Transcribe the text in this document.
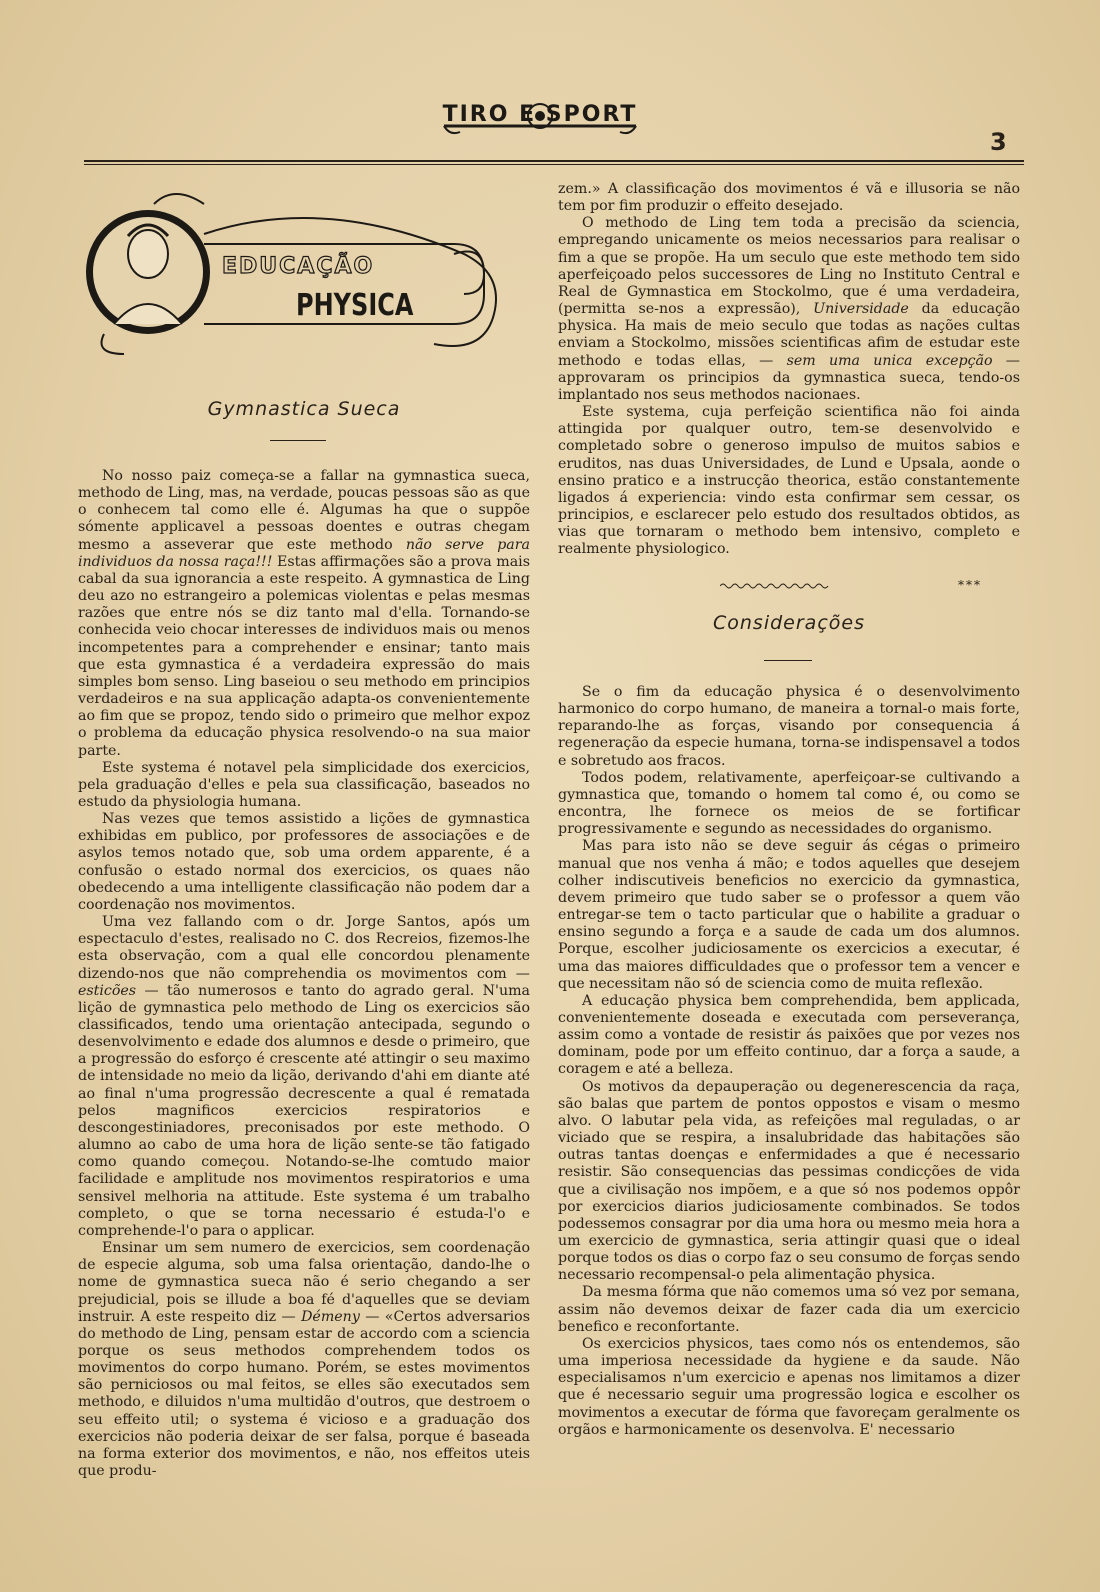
TIRO E SPORT
3
EDUCAÇÃO
PHYSICA
Gymnastica Sueca

No nosso paiz começa-se a fallar na gymnastica sueca, methodo de Ling, mas, na verdade, poucas pessoas são as que o conhecem tal como elle é. Algumas ha que o suppõe sómente applicavel a pessoas doentes e outras chegam mesmo a asseverar que este methodo não serve para individuos da nossa raça!!! Estas affirmações são a prova mais cabal da sua ignorancia a este respeito. A gymnastica de Ling deu azo no estrangeiro a polemicas violentas e pelas mesmas razões que entre nós se diz tanto mal d'ella. Tornando-se conhecida veio chocar interesses de individuos mais ou menos incompetentes para a comprehender e ensinar; tanto mais que esta gymnastica é a verdadeira expressão do mais simples bom senso. Ling baseiou o seu methodo em principios verdadeiros e na sua applicação adapta-os convenientemente ao fim que se propoz, tendo sido o primeiro que melhor expoz o problema da educação physica resolvendo-o na sua maior parte.

Este systema é notavel pela simplicidade dos exercicios, pela graduação d'elles e pela sua classificação, baseados no estudo da physiologia humana.

Nas vezes que temos assistido a lições de gymnastica exhibidas em publico, por professores de associações e de asylos temos notado que, sob uma ordem apparente, é a confusão o estado normal dos exercicios, os quaes não obedecendo a uma intelligente classificação não podem dar a coordenação nos movimentos.

Uma vez fallando com o dr. Jorge Santos, após um espectaculo d'estes, realisado no C. dos Recreios, fizemos-lhe esta observação, com a qual elle concordou plenamente dizendo-nos que não comprehendia os movimentos com — esticões — tão numerosos e tanto do agrado geral. N'uma lição de gymnastica pelo methodo de Ling os exercicios são classificados, tendo uma orientação antecipada, segundo o desenvolvimento e edade dos alumnos e desde o primeiro, que a progressão do esforço é crescente até attingir o seu maximo de intensidade no meio da lição, derivando d'ahi em diante até ao final n'uma progressão decrescente a qual é rematada pelos magnificos exercicios respiratorios e descongestiniadores, preconisados por este methodo. O alumno ao cabo de uma hora de lição sente-se tão fatigado como quando começou. Notando-se-lhe comtudo maior facilidade e amplitude nos movimentos respiratorios e uma sensivel melhoria na attitude. Este systema é um trabalho completo, o que se torna necessario é estuda-l'o e comprehende-l'o para o applicar.

Ensinar um sem numero de exercicios, sem coordenação de especie alguma, sob uma falsa orientação, dando-lhe o nome de gymnastica sueca não é serio chegando a ser prejudicial, pois se illude a boa fé d'aquelles que se deviam instruir. A este respeito diz — Démeny — «Certos adversarios do methodo de Ling, pensam estar de accordo com a sciencia porque os seus methodos comprehendem todos os movimentos do corpo humano. Porém, se estes movimentos são perniciosos ou mal feitos, se elles são executados sem methodo, e diluidos n'uma multidão d'outros, que destroem o seu effeito util; o systema é vicioso e a graduação dos exercicios não poderia deixar de ser falsa, porque é baseada na forma exterior dos movimentos, e não, nos effeitos uteis que produ-

zem.» A classificação dos movimentos é vã e illusoria se não tem por fim produzir o effeito desejado.

O methodo de Ling tem toda a precisão da sciencia, empregando unicamente os meios necessarios para realisar o fim a que se propõe. Ha um seculo que este methodo tem sido aperfeiçoado pelos successores de Ling no Instituto Central e Real de Gymnastica em Stockolmo, que é uma verdadeira, (permitta se-nos a expressão), Universidade da educação physica. Ha mais de meio seculo que todas as nações cultas enviam a Stockolmo, missões scientificas afim de estudar este methodo e todas ellas, — sem uma unica excepção — approvaram os principios da gymnastica sueca, tendo-os implantado nos seus methodos nacionaes.

Este systema, cuja perfeição scientifica não foi ainda attingida por qualquer outro, tem-se desenvolvido e completado sobre o generoso impulso de muitos sabios e eruditos, nas duas Universidades, de Lund e Upsala, aonde o ensino pratico e a instrucção theorica, estão constantemente ligados á experiencia: vindo esta confirmar sem cessar, os principios, e esclarecer pelo estudo dos resultados obtidos, as vias que tornaram o methodo bem intensivo, completo e realmente physiologico.

***
Considerações

Se o fim da educação physica é o desenvolvimento harmonico do corpo humano, de maneira a tornal-o mais forte, reparando-lhe as forças, visando por consequencia á regeneração da especie humana, torna-se indispensavel a todos e sobretudo aos fracos.

Todos podem, relativamente, aperfeiçoar-se cultivando a gymnastica que, tomando o homem tal como é, ou como se encontra, lhe fornece os meios de se fortificar progressivamente e segundo as necessidades do organismo.

Mas para isto não se deve seguir ás cégas o primeiro manual que nos venha á mão; e todos aquelles que desejem colher indiscutiveis beneficios no exercicio da gymnastica, devem primeiro que tudo saber se o professor a quem vão entregar-se tem o tacto particular que o habilite a graduar o ensino segundo a força e a saude de cada um dos alumnos. Porque, escolher judiciosamente os exercicios a executar, é uma das maiores difficuldades que o professor tem a vencer e que necessitam não só de sciencia como de muita reflexão.

A educação physica bem comprehendida, bem applicada, convenientemente doseada e executada com perseverança, assim como a vontade de resistir ás paixões que por vezes nos dominam, pode por um effeito continuo, dar a força a saude, a coragem e até a belleza.

Os motivos da depauperação ou degenerescencia da raça, são balas que partem de pontos oppostos e visam o mesmo alvo. O labutar pela vida, as refeições mal reguladas, o ar viciado que se respira, a insalubridade das habitações são outras tantas doenças e enfermidades a que é necessario resistir. São consequencias das pessimas condicções de vida que a civilisação nos impõem, e a que só nos podemos oppôr por exercicios diarios judiciosamente combinados. Se todos podessemos consagrar por dia uma hora ou mesmo meia hora a um exercicio de gymnastica, seria attingir quasi que o ideal porque todos os dias o corpo faz o seu consumo de forças sendo necessario recompensal-o pela alimentação physica.

Da mesma fórma que não comemos uma só vez por semana, assim não devemos deixar de fazer cada dia um exercicio benefico e reconfortante.

Os exercicios physicos, taes como nós os entendemos, são uma imperiosa necessidade da hygiene e da saude. Não especialisamos n'um exercicio e apenas nos limitamos a dizer que é necessario seguir uma progressão logica e escolher os movimentos a executar de fórma que favoreçam geralmente os orgãos e harmonicamente os desenvolva. E' necessario
